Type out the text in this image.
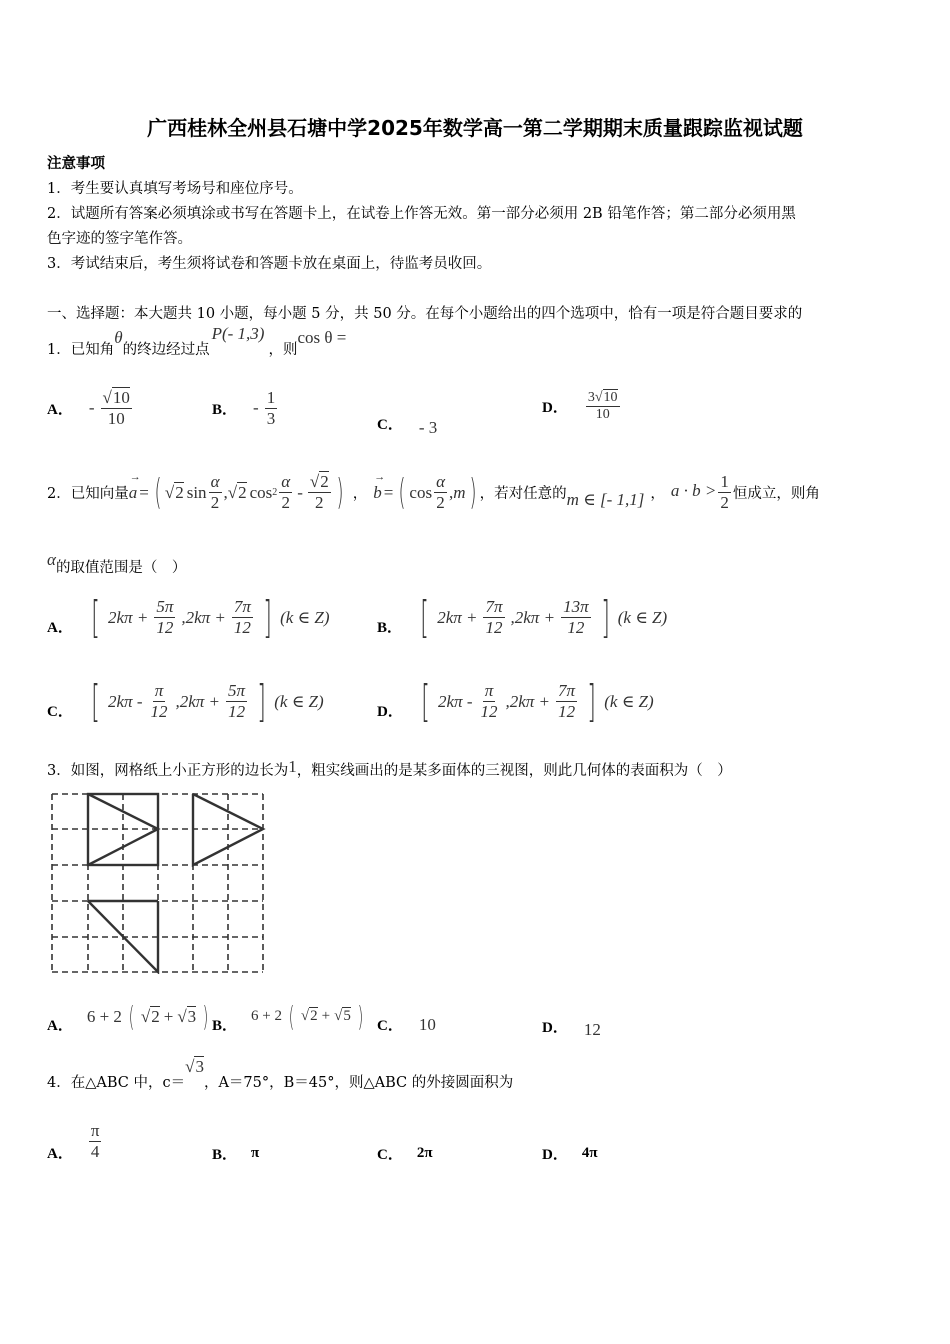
广西桂林全州县石塘中学2025年数学高一第二学期期末质量跟踪监视试题
注意事项
1．考生要认真填写考场号和座位序号。
2．试题所有答案必须填涂或书写在答题卡上，在试卷上作答无效。第一部分必须用 2B 铅笔作答；第二部分必须用黑
色字迹的签字笔作答。
3．考试结束后，考生须将试卷和答题卡放在桌面上，待监考员收回。
一、选择题：本大题共 10 小题，每小题 5 分，共 50 分。在每个小题给出的四个选项中，恰有一项是符合题目要求的
1． 已知角
θ
的终边经过点
P(- 1,3)
，则
cos θ =
A． - $\frac{√10}{10}$	B． - $\frac{1}{3}$	C． - 3
D． $\frac{3√10}{10}$
2． 已知向量
→
a = ( √ 2 $\sin \frac{\alpha}{2}$ ,√ 2 $\cos 2 \frac{\alpha}{2} - \frac{√2}{2}$ ) ，
→
b = ( $\cos \frac{\alpha}{2}$ , m ) ，若对任意的 m ∈ [- 1,1] ， $a \cdot b > \frac{1}{2}$ 恒成立，则角
α 的取值范围是（　）
A． [ $2k\pi + \frac{5\pi}{12} ,2k\pi + \frac{7\pi}{12}$ ] (k ∈ Z)
B． [ $2k\pi + \frac{7\pi}{12} ,2k\pi + \frac{13\pi}{12}$ ] (k ∈ Z)
C． [ $2k\pi - \frac{\pi}{12} ,2k\pi + \frac{5\pi}{12}$ ] (k ∈ Z)
D． [ $2k\pi - \frac{\pi}{12} ,2k\pi + \frac{7\pi}{12}$ ] (k ∈ Z)
3． 如图，网格纸上小正方形的边长为 1 ，粗实线画出的是某多面体的三视图，则此几何体的表面积为（　）
A．
6 + 2 ( √2 + √3 ) B．
6 + 2 ( √2 + √5 ) C． 10	D． 12
4． 在△ABC 中，c＝
√3
，A＝75°，B＝45°，则△ABC 的外接圆面积为
A． $\frac{\pi}{4}$	B． π	C． 2π	D． 4π
